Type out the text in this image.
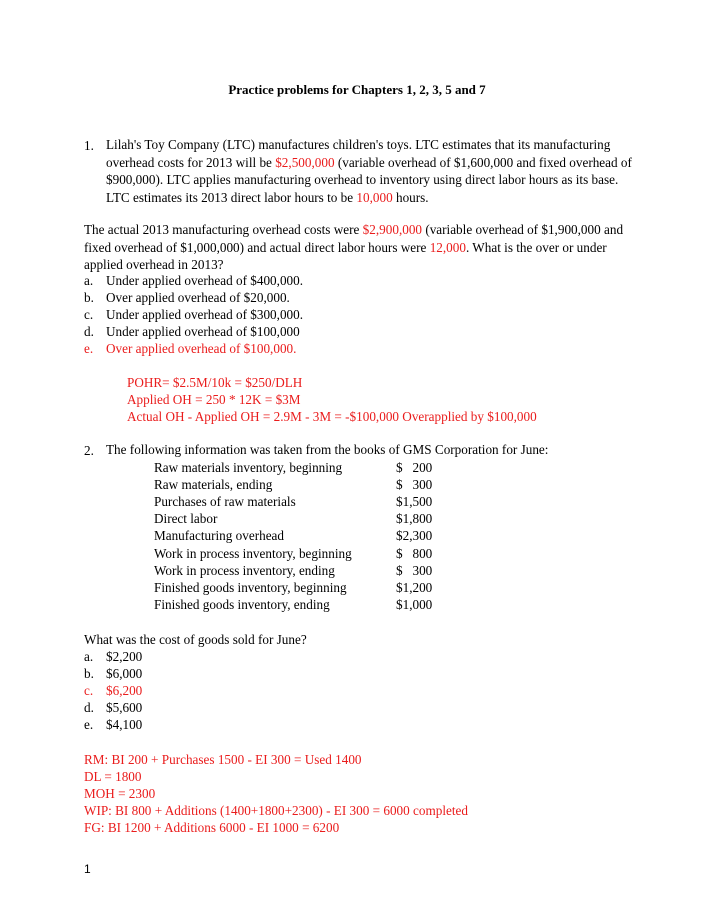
Practice problems for Chapters 1, 2, 3, 5 and 7
1. Lilah's Toy Company (LTC) manufactures children's toys. LTC estimates that its manufacturing
overhead costs for 2013 will be $2,500,000 (variable overhead of $1,600,000 and fixed overhead of
$900,000). LTC applies manufacturing overhead to inventory using direct labor hours as its base.
LTC estimates its 2013 direct labor hours to be 10,000 hours.
The actual 2013 manufacturing overhead costs were $2,900,000 (variable overhead of $1,900,000 and
fixed overhead of $1,000,000) and actual direct labor hours were 12,000. What is the over or under
applied overhead in 2013?
a. Under applied overhead of $400,000.
b. Over applied overhead of $20,000.
c. Under applied overhead of $300,000.
d. Under applied overhead of $100,000
e. Over applied overhead of $100,000.
POHR= $2.5M/10k = $250/DLH
Applied OH = 250 * 12K = $3M
Actual OH - Applied OH = 2.9M - 3M = -$100,000 Overapplied by $100,000
2. The following information was taken from the books of GMS Corporation for June:
Raw materials inventory, beginning	$   200
Raw materials, ending	$   300
Purchases of raw materials	$1,500
Direct labor	$1,800
Manufacturing overhead	$2,300
Work in process inventory, beginning	$   800
Work in process inventory, ending	$   300
Finished goods inventory, beginning	$1,200
Finished goods inventory, ending	$1,000
What was the cost of goods sold for June?
a. $2,200
b. $6,000
c. $6,200
d. $5,600
e. $4,100
RM: BI 200 + Purchases 1500 - EI 300 = Used 1400
DL = 1800
MOH = 2300
WIP: BI 800 + Additions (1400+1800+2300) - EI 300 = 6000 completed
FG: BI 1200 + Additions 6000 - EI 1000 = 6200
1
